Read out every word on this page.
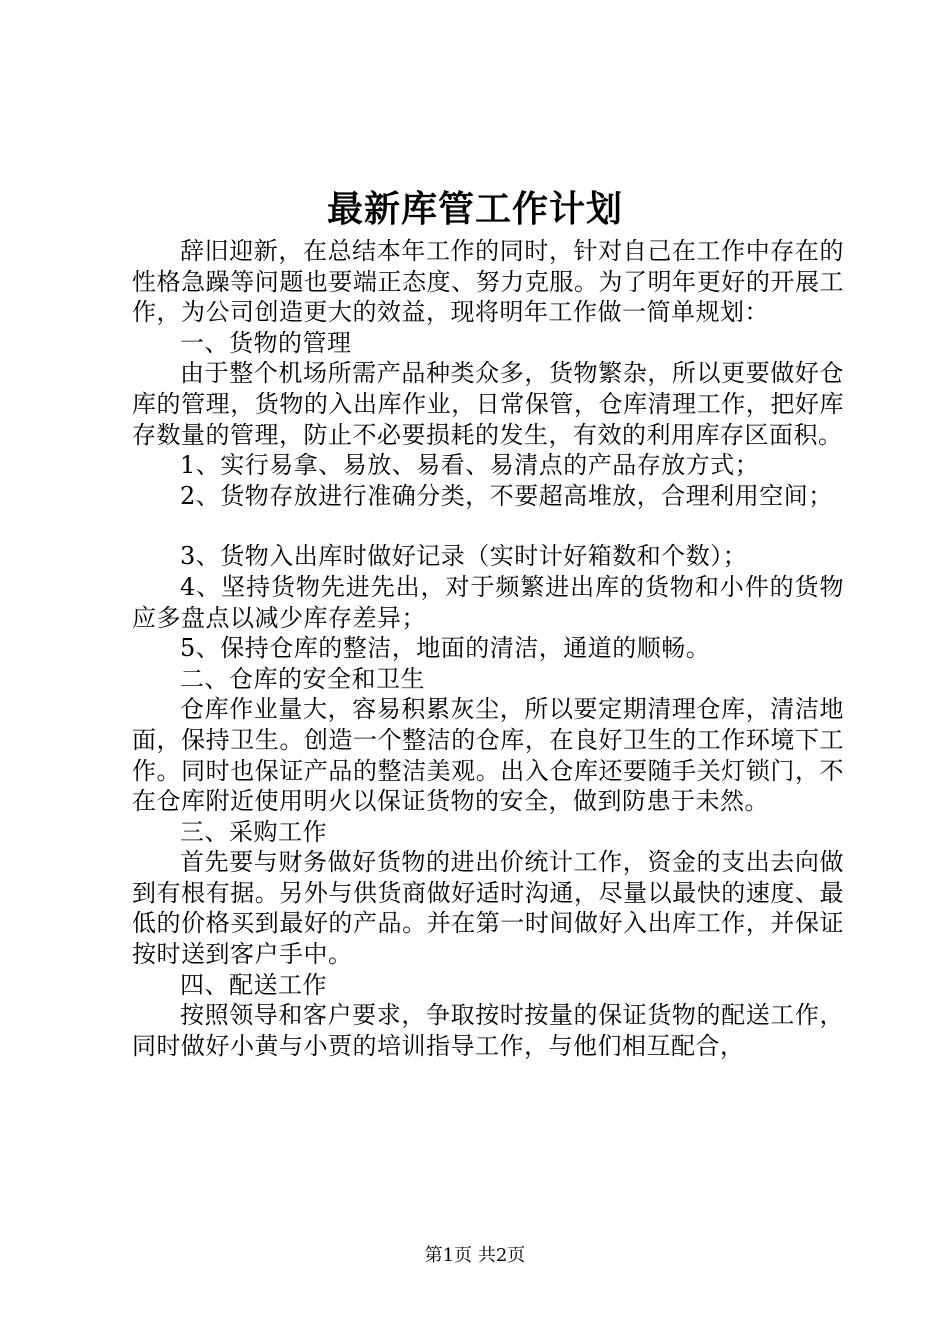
最新库管工作计划

辞旧迎新，在总结本年工作的同时，针对自己在工作中存在的性格急躁等问题也要端正态度、努力克服。为了明年更好的开展工作，为公司创造更大的效益，现将明年工作做一简单规划：

一、货物的管理

由于整个机场所需产品种类众多，货物繁杂，所以更要做好仓库的管理，货物的入出库作业，日常保管，仓库清理工作，把好库存数量的管理，防止不必要损耗的发生，有效的利用库存区面积。

1、实行易拿、易放、易看、易清点的产品存放方式；

2、货物存放进行准确分类，不要超高堆放，合理利用空间；

3、货物入出库时做好记录（实时计好箱数和个数）；

4、坚持货物先进先出，对于频繁进出库的货物和小件的货物应多盘点以减少库存差异；

5、保持仓库的整洁，地面的清洁，通道的顺畅。

二、仓库的安全和卫生

仓库作业量大，容易积累灰尘，所以要定期清理仓库，清洁地面，保持卫生。创造一个整洁的仓库，在良好卫生的工作环境下工作。同时也保证产品的整洁美观。出入仓库还要随手关灯锁门，不在仓库附近使用明火以保证货物的安全，做到防患于未然。

三、采购工作

首先要与财务做好货物的进出价统计工作，资金的支出去向做到有根有据。另外与供货商做好适时沟通，尽量以最快的速度、最低的价格买到最好的产品。并在第一时间做好入出库工作，并保证按时送到客户手中。

四、配送工作

按照领导和客户要求，争取按时按量的保证货物的配送工作，同时做好小黄与小贾的培训指导工作，与他们相互配合，

第1页 共2页
